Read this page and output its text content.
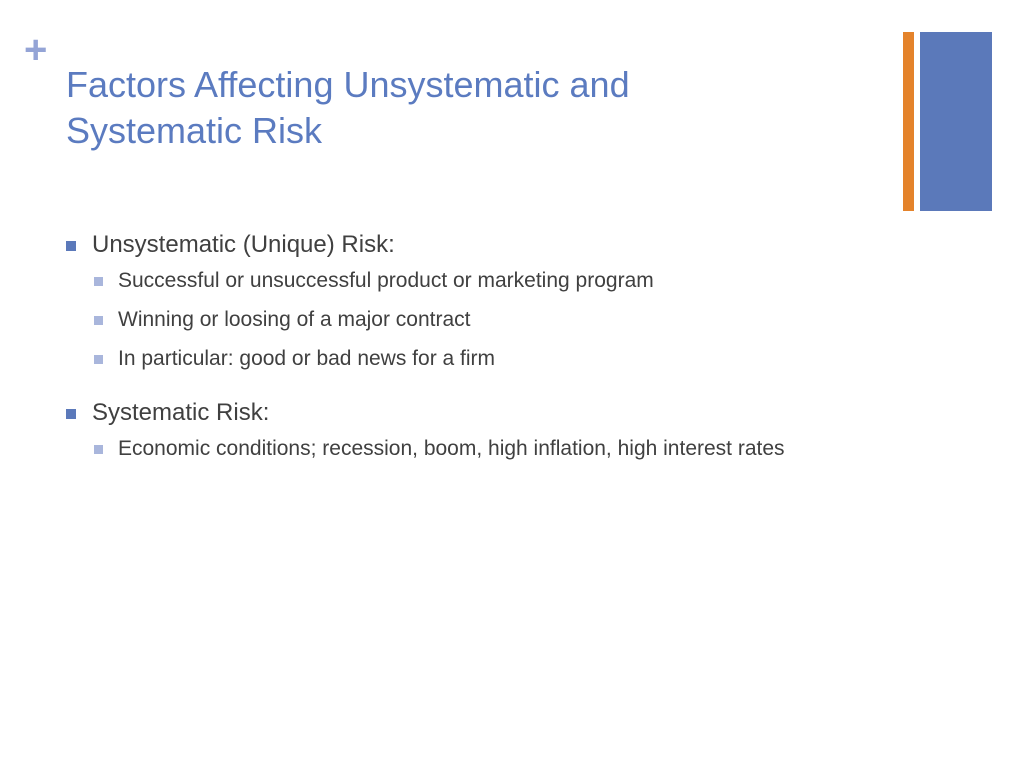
+
Factors Affecting Unsystematic and
Systematic Risk
Unsystematic (Unique) Risk:
Successful or unsuccessful product or marketing program
Winning or loosing of a major contract
In particular: good or bad news for a firm
Systematic Risk:
Economic conditions; recession, boom, high inflation, high interest rates
